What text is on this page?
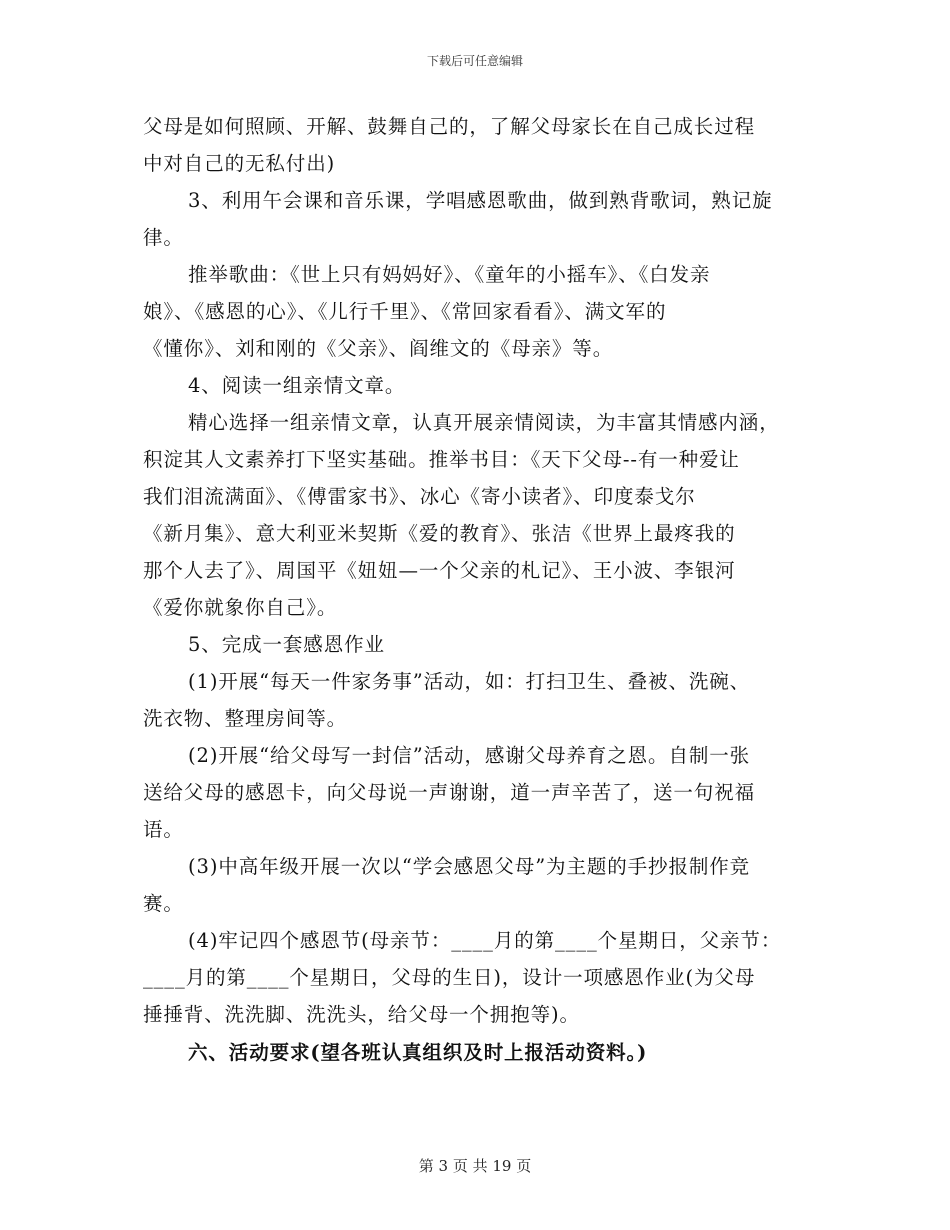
下载后可任意编辑
父母是如何照顾、开解、鼓舞自己的，了解父母家长在自己成长过程
中对自己的无私付出)
3、利用午会课和音乐课，学唱感恩歌曲，做到熟背歌词，熟记旋
律。
推举歌曲：《世上只有妈妈好》、《童年的小摇车》、《白发亲
娘》、《感恩的心》、《儿行千里》、《常回家看看》、满文军的
《懂你》、刘和刚的《父亲》、阎维文的《母亲》等。
4、阅读一组亲情文章。
精心选择一组亲情文章，认真开展亲情阅读，为丰富其情感内涵，
积淀其人文素养打下坚实基础。推举书目：《天下父母--有一种爱让
我们泪流满面》、《傅雷家书》、冰心《寄小读者》、印度泰戈尔
《新月集》、意大利亚米契斯《爱的教育》、张洁《世界上最疼我的
那个人去了》、周国平《妞妞—一个父亲的札记》、王小波、李银河
《爱你就象你自己》。
5、完成一套感恩作业
(1)开展“每天一件家务事”活动，如：打扫卫生、叠被、洗碗、
洗衣物、整理房间等。
(2)开展“给父母写一封信”活动，感谢父母养育之恩。自制一张
送给父母的感恩卡，向父母说一声谢谢，道一声辛苦了，送一句祝福
语。
(3)中高年级开展一次以“学会感恩父母”为主题的手抄报制作竞
赛。
(4)牢记四个感恩节(母亲节：____月的第____个星期日，父亲节：
____月的第____个星期日，父母的生日)，设计一项感恩作业(为父母
捶捶背、洗洗脚、洗洗头，给父母一个拥抱等)。
六、活动要求(望各班认真组织及时上报活动资料。)
第 3 页 共 19 页
